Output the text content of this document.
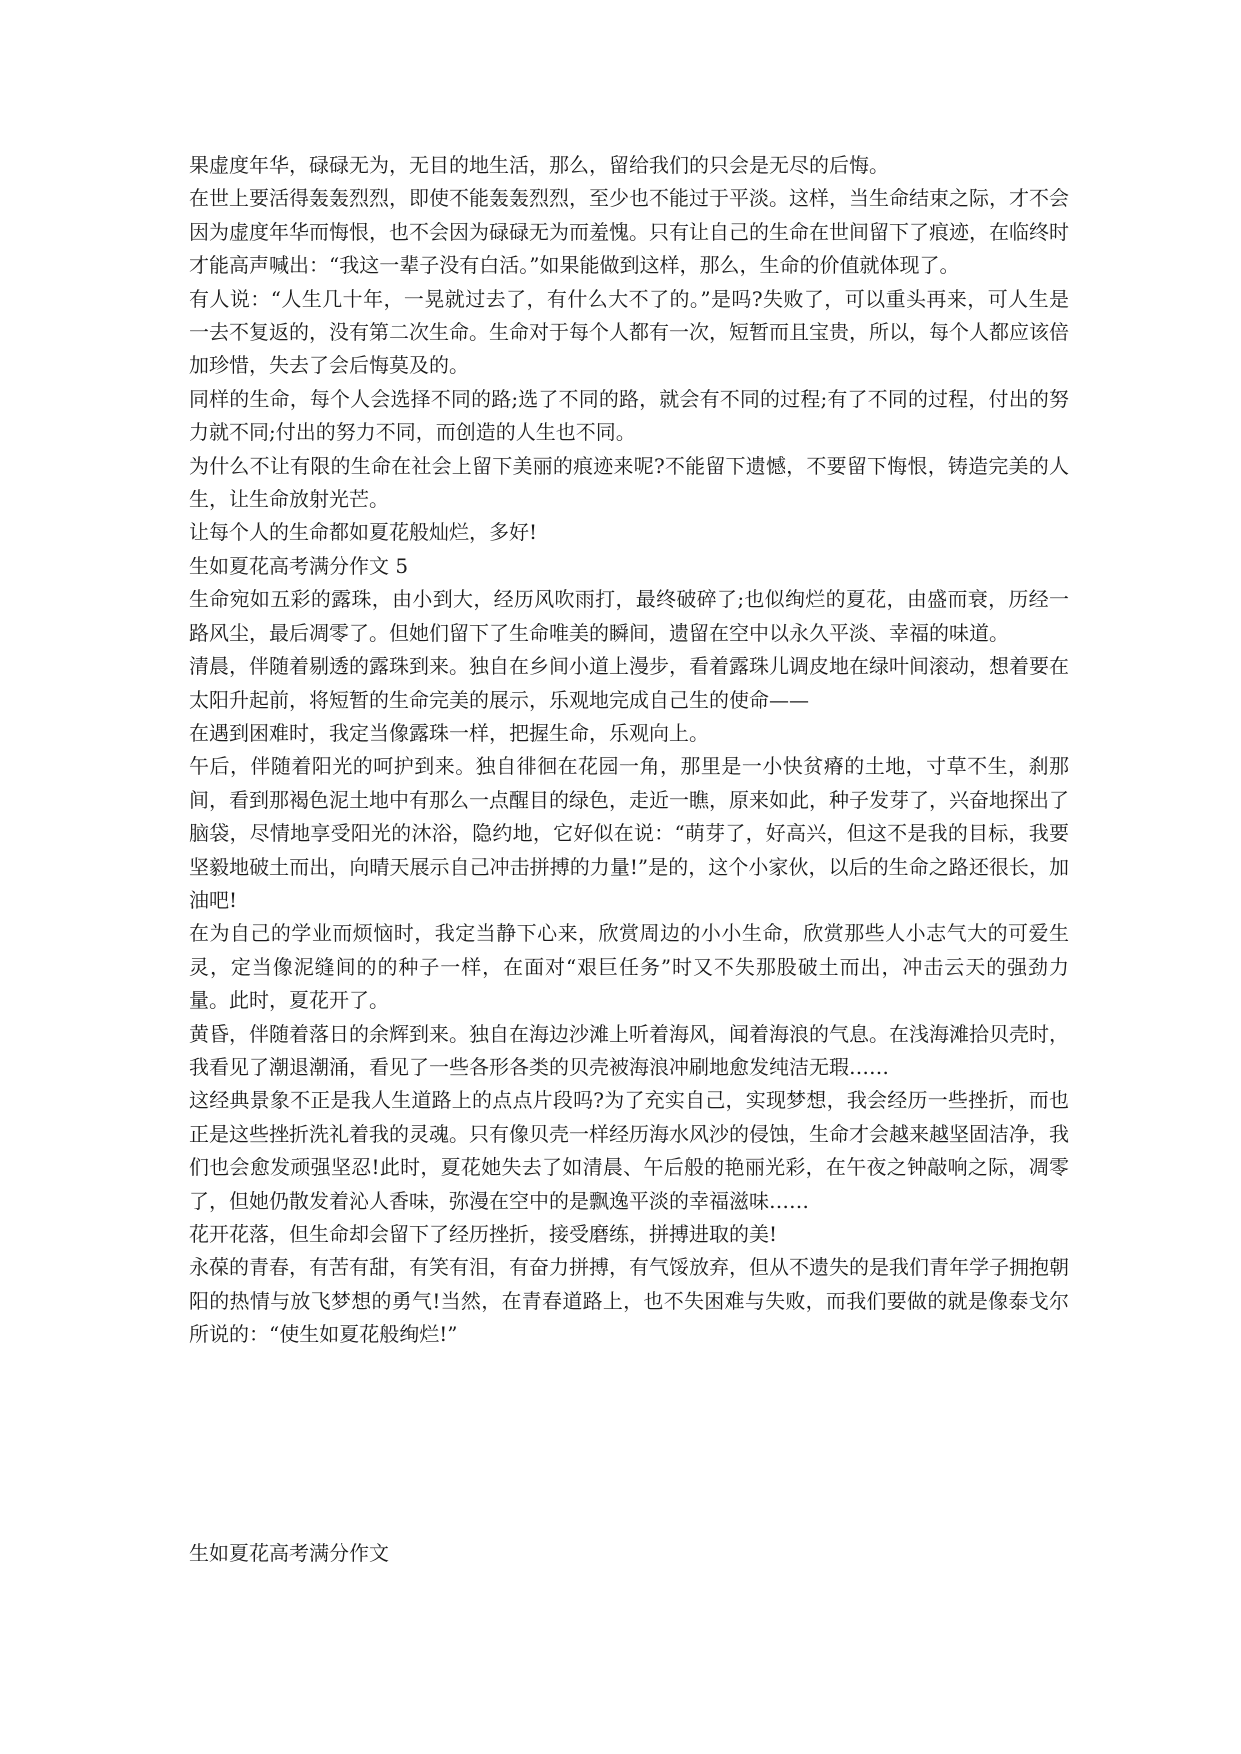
果虚度年华，碌碌无为，无目的地生活，那么，留给我们的只会是无尽的后悔。

在世上要活得轰轰烈烈，即使不能轰轰烈烈，至少也不能过于平淡。这样，当生命结束之际，才不会因为虚度年华而悔恨，也不会因为碌碌无为而羞愧。只有让自己的生命在世间留下了痕迹，在临终时才能高声喊出：“我这一辈子没有白活。”如果能做到这样，那么，生命的价值就体现了。

有人说：“人生几十年，一晃就过去了，有什么大不了的。”是吗?失败了，可以重头再来，可人生是一去不复返的，没有第二次生命。生命对于每个人都有一次，短暂而且宝贵，所以，每个人都应该倍加珍惜，失去了会后悔莫及的。

同样的生命，每个人会选择不同的路;选了不同的路，就会有不同的过程;有了不同的过程，付出的努力就不同;付出的努力不同，而创造的人生也不同。

为什么不让有限的生命在社会上留下美丽的痕迹来呢?不能留下遗憾，不要留下悔恨，铸造完美的人生，让生命放射光芒。

让每个人的生命都如夏花般灿烂，多好!

生如夏花高考满分作文 5

生命宛如五彩的露珠，由小到大，经历风吹雨打，最终破碎了;也似绚烂的夏花，由盛而衰，历经一路风尘，最后凋零了。但她们留下了生命唯美的瞬间，遗留在空中以永久平淡、幸福的味道。

清晨，伴随着剔透的露珠到来。独自在乡间小道上漫步，看着露珠儿调皮地在绿叶间滚动，想着要在太阳升起前，将短暂的生命完美的展示，乐观地完成自己生的使命——

在遇到困难时，我定当像露珠一样，把握生命，乐观向上。

午后，伴随着阳光的呵护到来。独自徘徊在花园一角，那里是一小快贫瘠的土地，寸草不生，刹那间，看到那褐色泥土地中有那么一点醒目的绿色，走近一瞧，原来如此，种子发芽了，兴奋地探出了脑袋，尽情地享受阳光的沐浴，隐约地，它好似在说：“萌芽了，好高兴，但这不是我的目标，我要坚毅地破土而出，向晴天展示自己冲击拼搏的力量!”是的，这个小家伙，以后的生命之路还很长，加油吧!

在为自己的学业而烦恼时，我定当静下心来，欣赏周边的小小生命，欣赏那些人小志气大的可爱生灵，定当像泥缝间的的种子一样，在面对“艰巨任务”时又不失那股破土而出，冲击云天的强劲力量。此时，夏花开了。

黄昏，伴随着落日的余辉到来。独自在海边沙滩上听着海风，闻着海浪的气息。在浅海滩拾贝壳时，我看见了潮退潮涌，看见了一些各形各类的贝壳被海浪冲刷地愈发纯洁无瑕……

这经典景象不正是我人生道路上的点点片段吗?为了充实自己，实现梦想，我会经历一些挫折，而也正是这些挫折洗礼着我的灵魂。只有像贝壳一样经历海水风沙的侵蚀，生命才会越来越坚固洁净，我们也会愈发顽强坚忍!此时，夏花她失去了如清晨、午后般的艳丽光彩，在午夜之钟敲响之际，凋零了，但她仍散发着沁人香味，弥漫在空中的是飘逸平淡的幸福滋味……

花开花落，但生命却会留下了经历挫折，接受磨练，拼搏进取的美!

永葆的青春，有苦有甜，有笑有泪，有奋力拼搏，有气馁放弃，但从不遗失的是我们青年学子拥抱朝阳的热情与放飞梦想的勇气!当然，在青春道路上，也不失困难与失败，而我们要做的就是像泰戈尔所说的：“使生如夏花般绚烂!”

生如夏花高考满分作文
